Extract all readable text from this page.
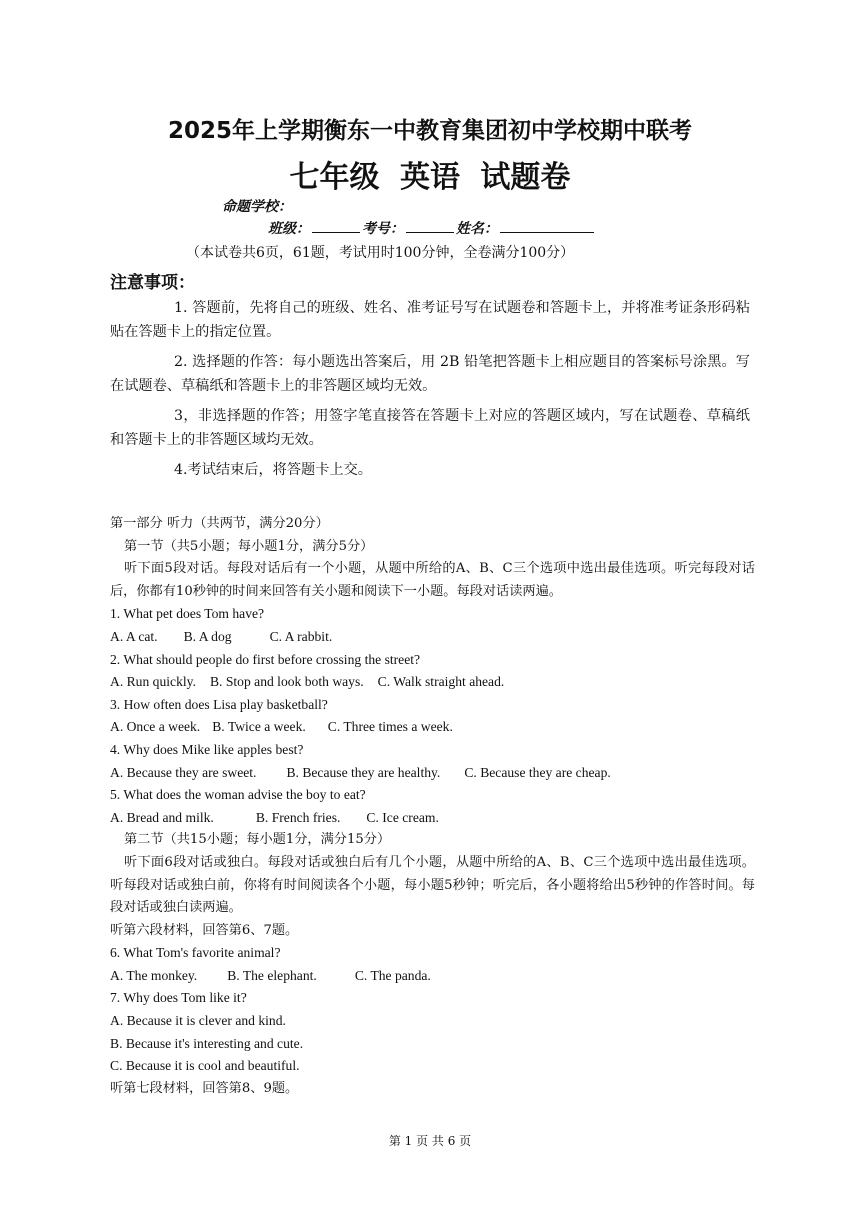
2025年上学期衡东一中教育集团初中学校期中联考
七年级 英语 试题卷
命题学校：
班级：	考号：	姓名：
（本试卷共6页，61题，考试用时100分钟，全卷满分100分）
注意事项：

1. 答题前，先将自己的班级、姓名、准考证号写在试题卷和答题卡上，并将准考证条形码粘贴在答题卡上的指定位置。

2. 选择题的作答：每小题选出答案后，用 2B 铅笔把答题卡上相应题目的答案标号涂黑。写在试题卷、草稿纸和答题卡上的非答题区域均无效。

3，非选择题的作答；用签字笔直接答在答题卡上对应的答题区域内，写在试题卷、草稿纸和答题卡上的非答题区域均无效。

4.考试结束后，将答题卡上交。

第一部分 听力（共两节，满分20分）
第一节（共5小题；每小题1分，满分5分）
听下面5段对话。每段对话后有一个小题，从题中所给的A、B、C三个选项中选出最佳选项。听完每段对话后，你都有10秒钟的时间来回答有关小题和阅读下一小题。每段对话读两遍。
1. What pet does Tom have?
A. A cat. B. A dog	C. A rabbit.
2. What should people do first before crossing the street?
A. Run quickly. B. Stop and look both ways. C. Walk straight ahead.
3. How often does Lisa play basketball?
A. Once a week. B. Twice a week. C. Three times a week.
4. Why does Mike like apples best?
A. Because they are sweet. B. Because they are healthy. C. Because they are cheap.
5. What does the woman advise the boy to eat?
A. Bread and milk.	B. French fries. C. Ice cream.
第二节（共15小题；每小题1分，满分15分）
听下面6段对话或独白。每段对话或独白后有几个小题，从题中所给的A、B、C三个选项中选出最佳选项。听每段对话或独白前，你将有时间阅读各个小题，每小题5秒钟；听完后，各小题将给出5秒钟的作答时间。每段对话或独白读两遍。
听第六段材料，回答第6、7题。
6. What Tom's favorite animal?
A. The monkey. B. The elephant.	C. The panda.
7. Why does Tom like it?
A. Because it is clever and kind.
B. Because it's interesting and cute.
C. Because it is cool and beautiful.
听第七段材料，回答第8、9题。
第 1 页 共 6 页
